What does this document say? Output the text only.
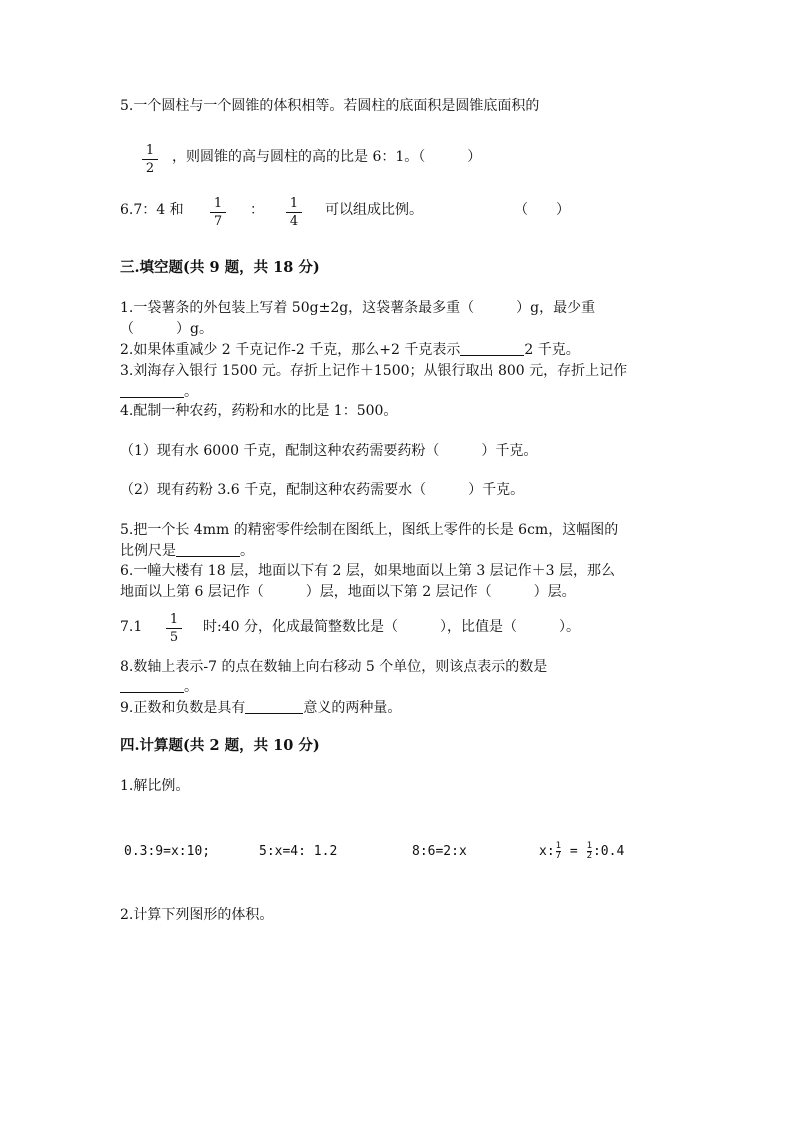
5.一个圆柱与一个圆锥的体积相等。若圆柱的底面积是圆锥底面积的
$\frac{1}{2}$ ，则圆锥的高与圆柱的高的比是 6：1。（　　　）
6.7：4 和 $\frac{1}{7}$ ： $\frac{1}{4}$ 可以组成比例。	（　　）
三.填空题(共 9 题，共 18 分)
1.一袋薯条的外包装上写着 50g±2g，这袋薯条最多重（　　　）g，最少重
（　　　）g。
2.如果体重减少 2 千克记作-2 千克，那么+2 千克表示	2 千克。
3.刘海存入银行 1500 元。存折上记作＋1500；从银行取出 800 元，存折上记作
。
4.配制一种农药，药粉和水的比是 1：500。
（1）现有水 6000 千克，配制这种农药需要药粉（　　　）千克。
（2）现有药粉 3.6 千克，配制这种农药需要水（　　　）千克。
5.把一个长 4mm 的精密零件绘制在图纸上，图纸上零件的长是 6cm，这幅图的
比例尺是	。
6.一幢大楼有 18 层，地面以下有 2 层，如果地面以上第 3 层记作＋3 层，那么
地面以上第 6 层记作（　　　）层，地面以下第 2 层记作（　　　）层。
$7.1 \frac{1}{5}$ 时:40 分，化成最简整数比是（　　　），比值是（　　　）。
8.数轴上表示-7 的点在数轴上向右移动 5 个单位，则该点表示的数是
。
9.正数和负数是具有	意义的两种量。
四.计算题(共 2 题，共 10 分)
1.解比例。
0.3:9=x:10;	5:x=4: 1.2	8:6=2:x	x: $\frac{1}{7} = \frac{1}{2}$ :0.4
2.计算下列图形的体积。
